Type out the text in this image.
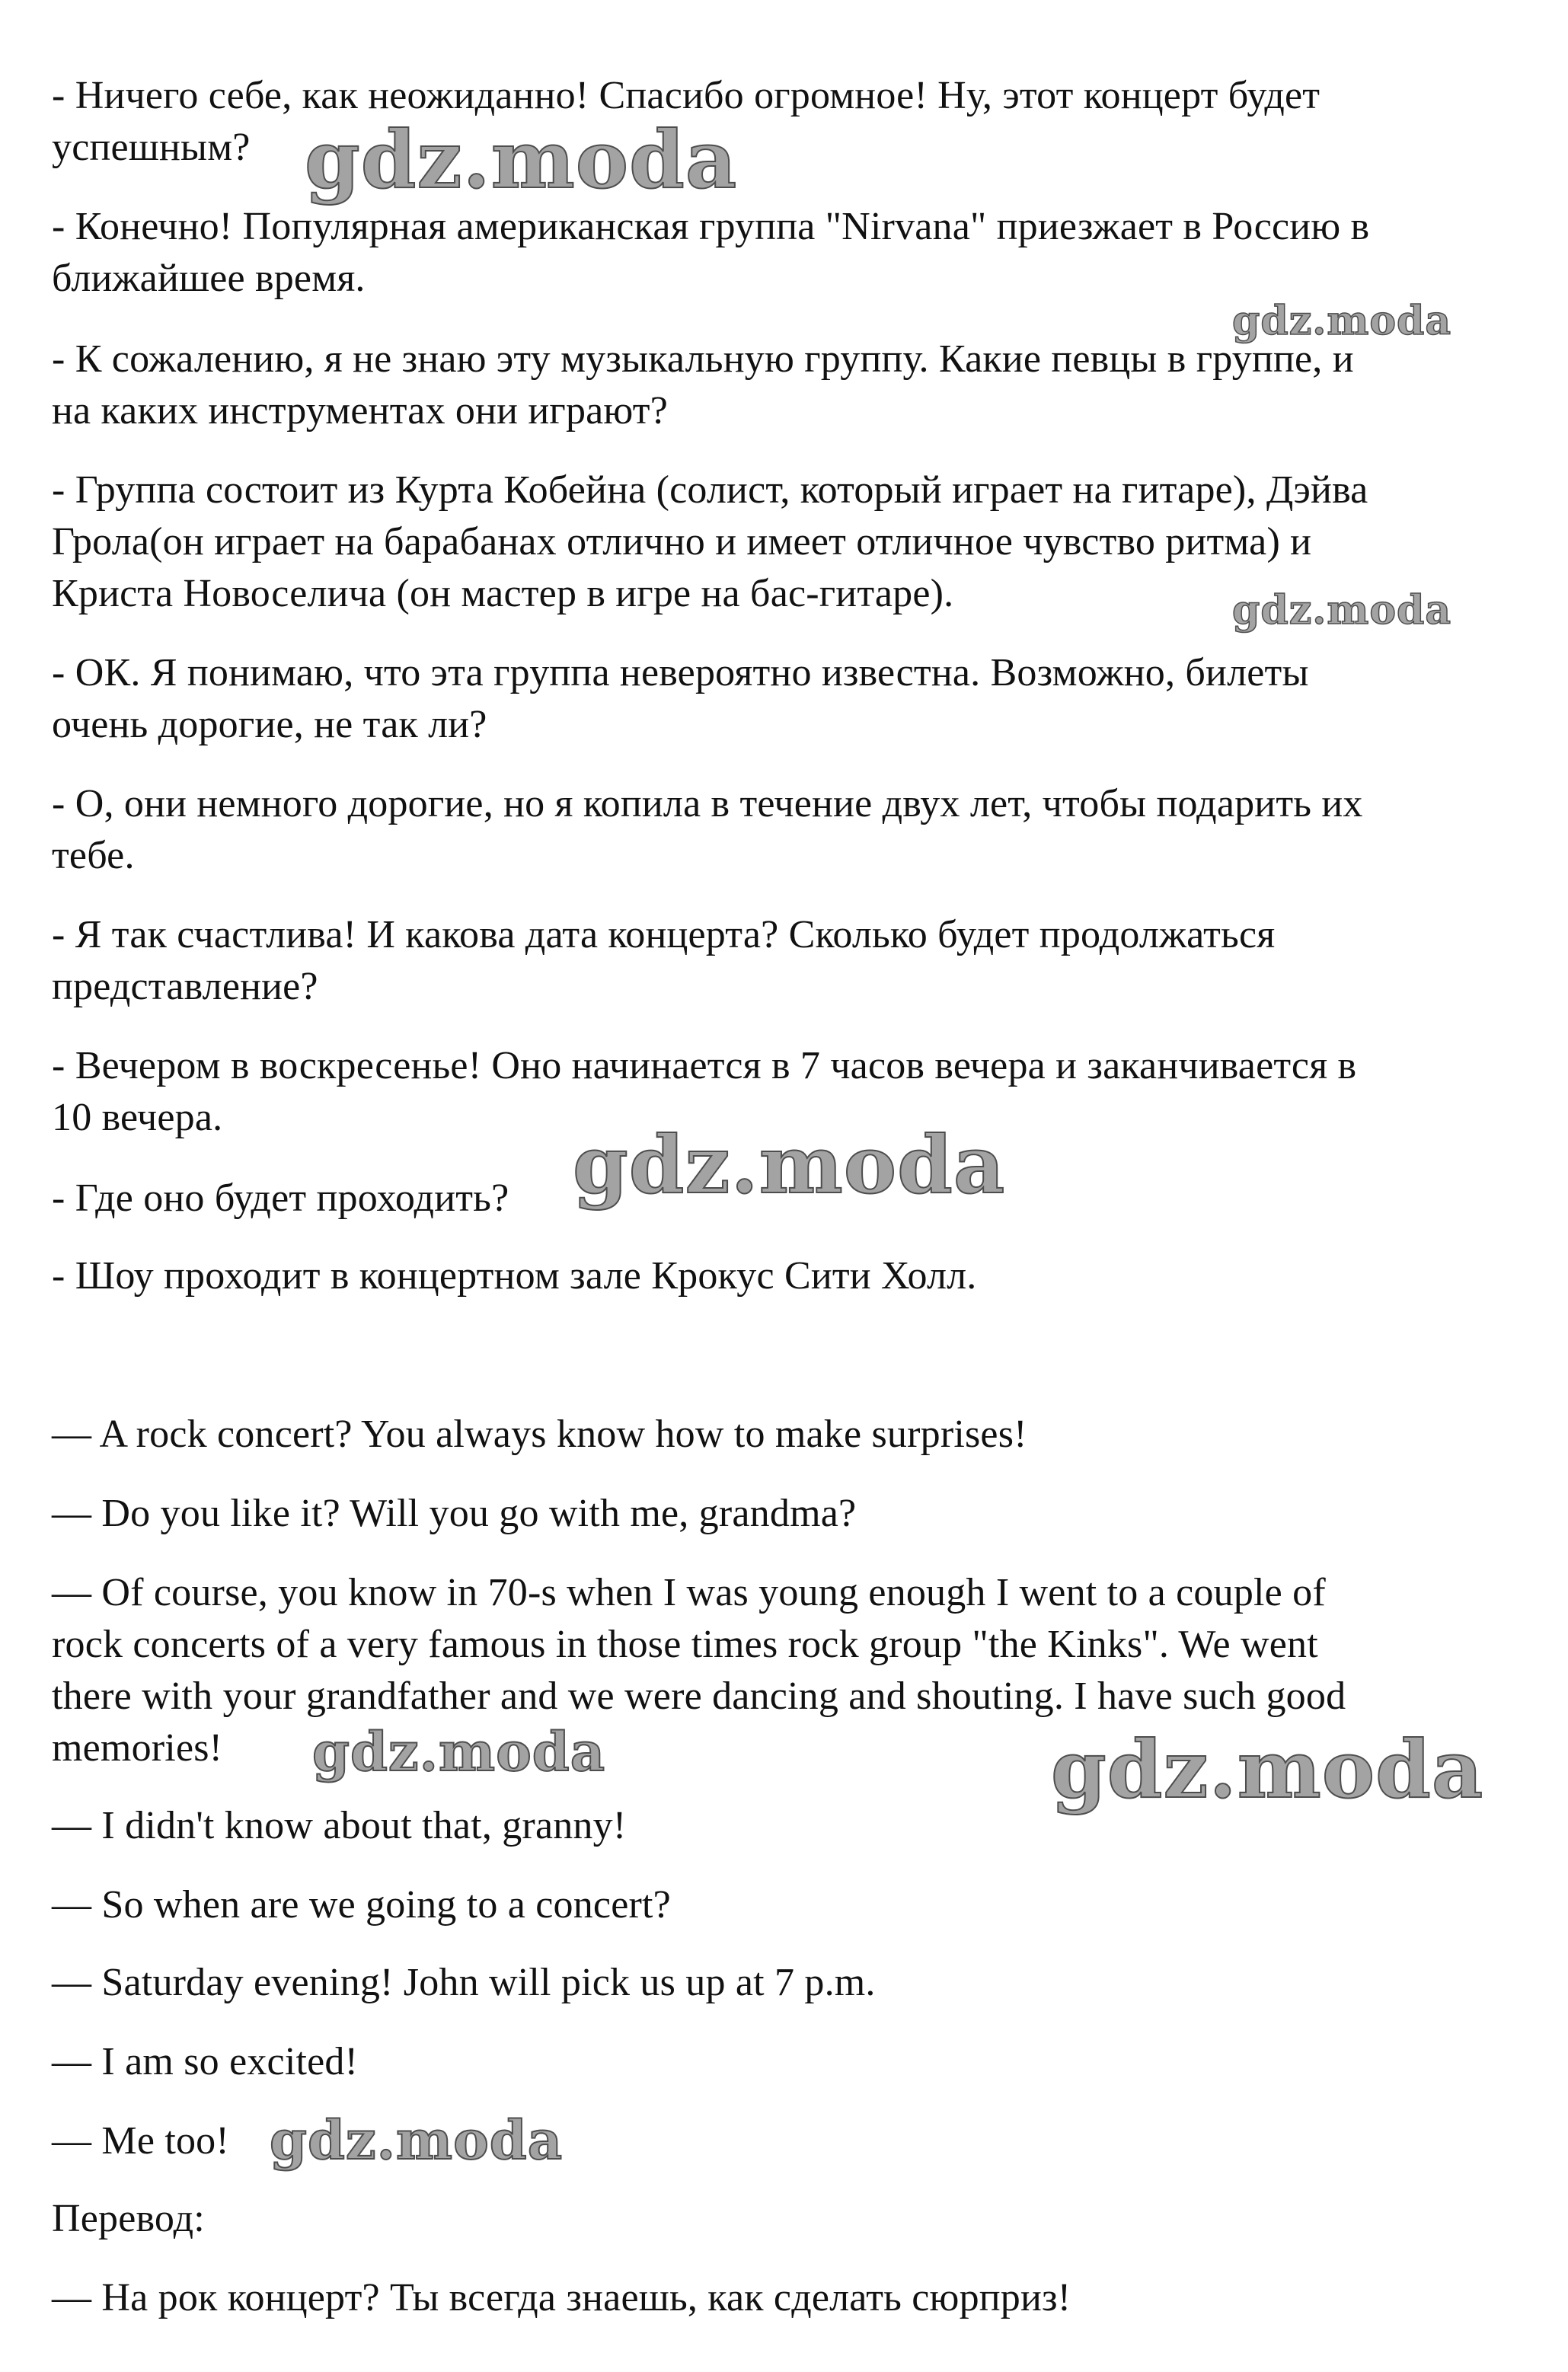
- Ничего себе, как неожиданно! Спасибо огромное! Ну, этот концерт будет
успешным?

- Конечно! Популярная американская группа "Nirvana" приезжает в Россию в
ближайшее время.

- К сожалению, я не знаю эту музыкальную группу. Какие певцы в группе, и
на каких инструментах они играют?

- Группа состоит из Курта Кобейна (солист, который играет на гитаре), Дэйва
Грола(он играет на барабанах отлично и имеет отличное чувство ритма) и
Криста Новоселича (он мастер в игре на бас-гитаре).

- ОК. Я понимаю, что эта группа невероятно известна. Возможно, билеты
очень дорогие, не так ли?

- О, они немного дорогие, но я копила в течение двух лет, чтобы подарить их
тебе.

- Я так счастлива! И какова дата концерта? Сколько будет продолжаться
представление?

- Вечером в воскресенье! Оно начинается в 7 часов вечера и заканчивается в
10 вечера.

- Где оно будет проходить?

- Шоу проходит в концертном зале Крокус Сити Холл.

— A rock concert? You always know how to make surprises!

— Do you like it? Will you go with me, grandma?

— Of course, you know in 70-s when I was young enough I went to a couple of
rock concerts of a very famous in those times rock group "the Kinks". We went
there with your grandfather and we were dancing and shouting. I have such good
memories!

— I didn't know about that, granny!

— So when are we going to a concert?

— Saturday evening! John will pick us up at 7 p.m.

— I am so excited!

— Me too!

Перевод:

— На рок концерт? Ты всегда знаешь, как сделать сюрприз!

gdz.moda
gdz.moda
gdz.moda
gdz.moda
gdz.moda	gdz.moda
gdz.moda
